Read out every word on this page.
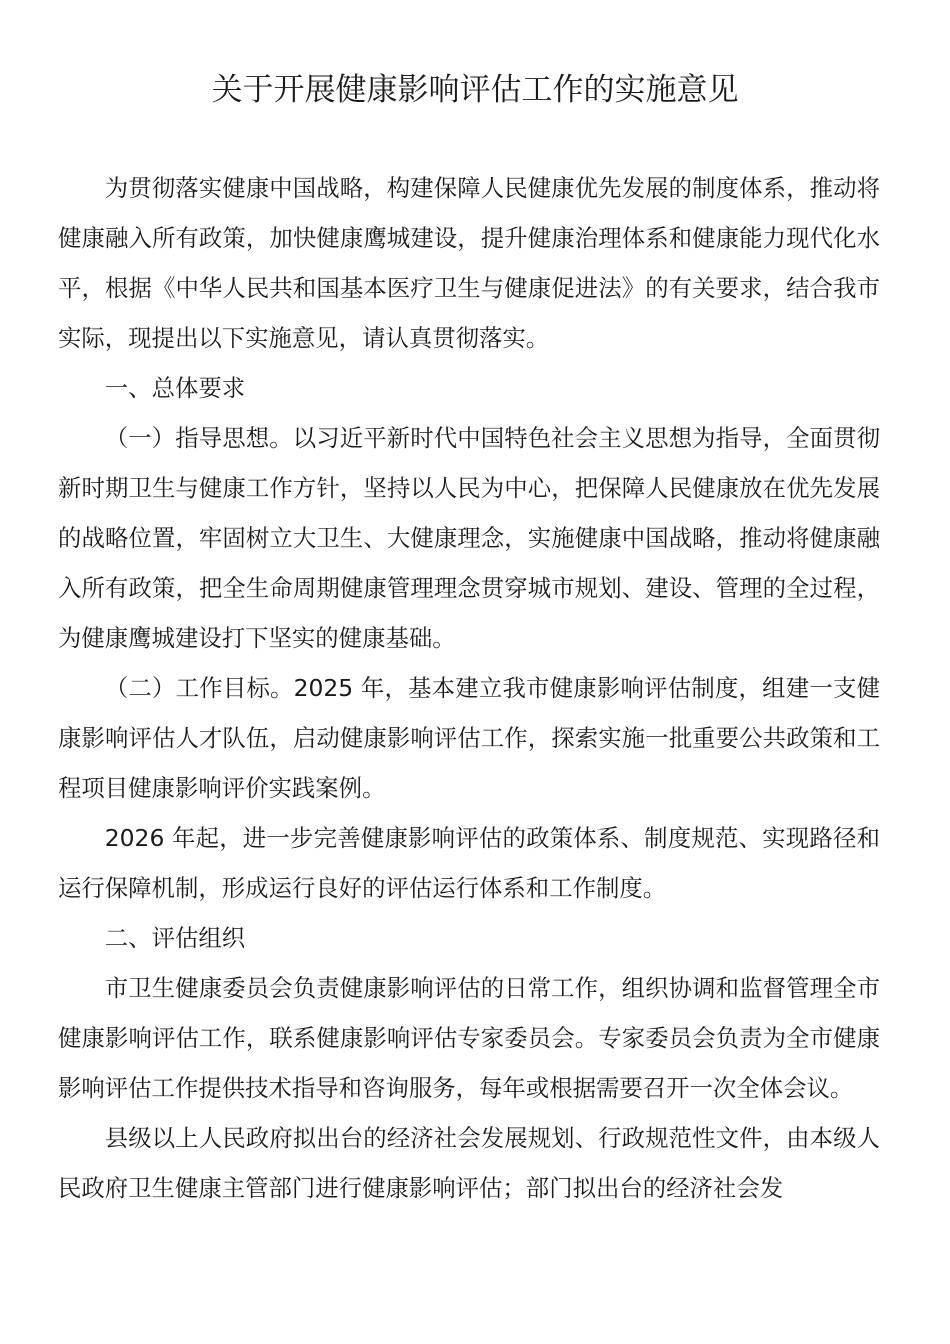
关于开展健康影响评估工作的实施意见

为贯彻落实健康中国战略，构建保障人民健康优先发展的制度体系，推动将健康融入所有政策，加快健康鹰城建设，提升健康治理体系和健康能力现代化水平，根据《中华人民共和国基本医疗卫生与健康促进法》的有关要求，结合我市实际，现提出以下实施意见，请认真贯彻落实。

一、总体要求

（一）指导思想。以习近平新时代中国特色社会主义思想为指导，全面贯彻新时期卫生与健康工作方针，坚持以人民为中心，把保障人民健康放在优先发展的战略位置，牢固树立大卫生、大健康理念，实施健康中国战略，推动将健康融入所有政策，把全生命周期健康管理理念贯穿城市规划、建设、管理的全过程，为健康鹰城建设打下坚实的健康基础。

（二）工作目标。2025 年，基本建立我市健康影响评估制度，组建一支健康影响评估人才队伍，启动健康影响评估工作，探索实施一批重要公共政策和工程项目健康影响评价实践案例。

2026 年起，进一步完善健康影响评估的政策体系、制度规范、实现路径和运行保障机制，形成运行良好的评估运行体系和工作制度。

二、评估组织

市卫生健康委员会负责健康影响评估的日常工作，组织协调和监督管理全市健康影响评估工作，联系健康影响评估专家委员会。专家委员会负责为全市健康影响评估工作提供技术指导和咨询服务，每年或根据需要召开一次全体会议。

县级以上人民政府拟出台的经济社会发展规划、行政规范性文件，由本级人民政府卫生健康主管部门进行健康影响评估；部门拟出台的经济社会发
